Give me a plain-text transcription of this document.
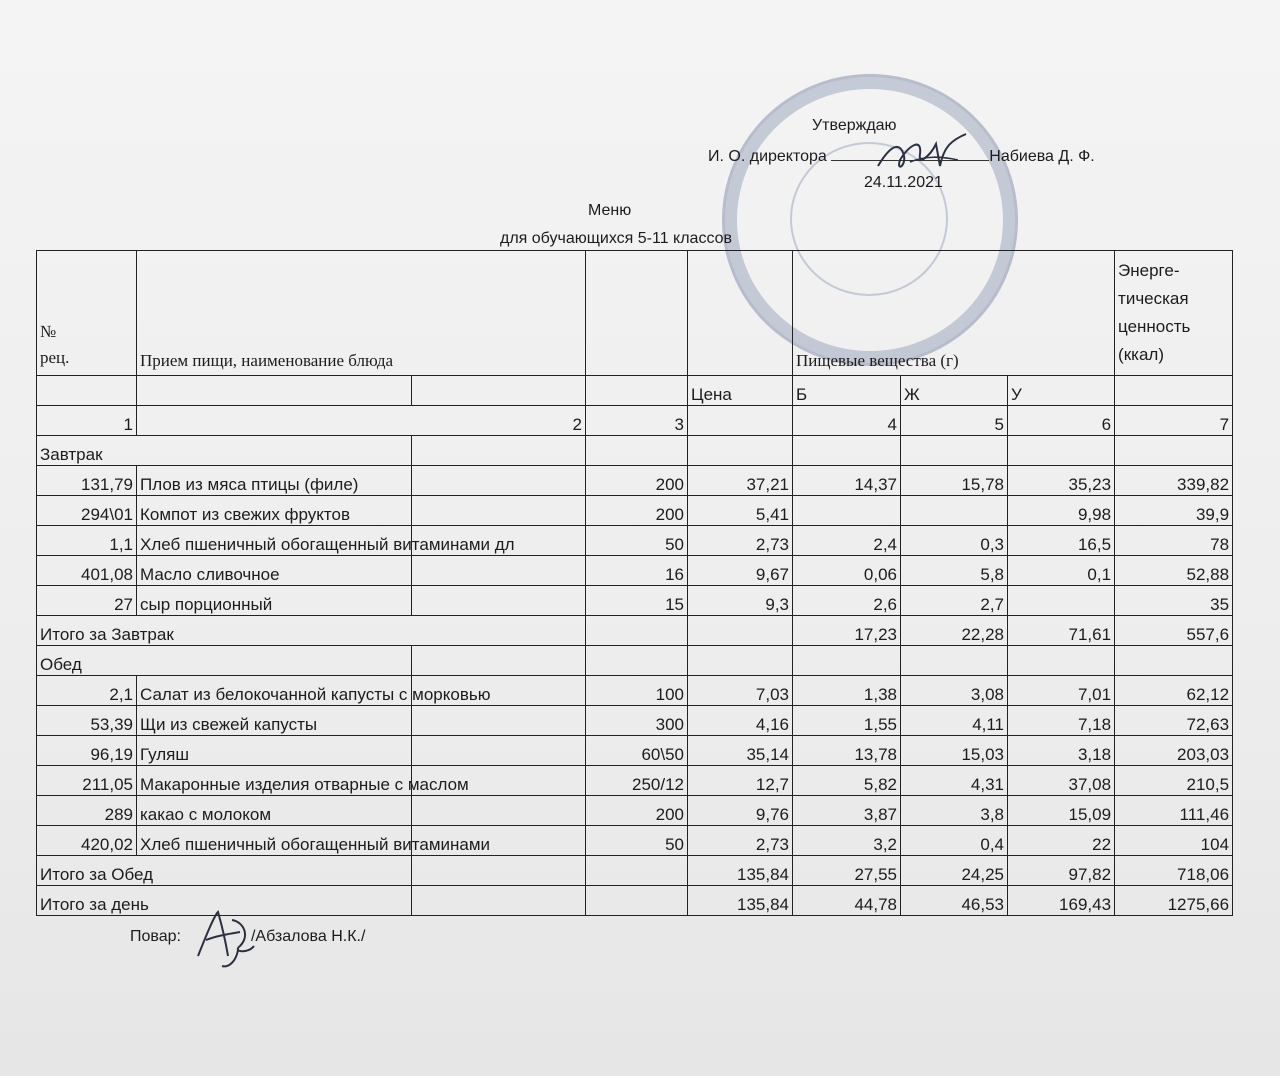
Утверждаю
И. О. директора	Набиева Д. Ф.
24.11.2021
Меню
для обучающихся 5-11 классов
№
рец.	Прием пищи, наименование блюда				Пищевые вещества (г)			Энерге-
тическая
ценность
(ккал)
				Цена	Б	Ж	У	
1	2		3		4	5	6	7
Завтрак								
131,79	Плов из мяса птицы (филе)		200	37,21	14,37	15,78	35,23	339,82
294\01	Компот из свежих фруктов		200	5,41			9,98	39,9
1,1	Хлеб пшеничный обогащенный витаминами дл		50	2,73	2,4	0,3	16,5	78
401,08	Масло сливочное		16	9,67	0,06	5,8	0,1	52,88
27	сыр порционный		15	9,3	2,6	2,7		35
Итого за Завтрак					17,23	22,28	71,61	557,6
Обед								
2,1	Салат из белокочанной капусты с морковью		100	7,03	1,38	3,08	7,01	62,12
53,39	Щи из свежей капусты		300	4,16	1,55	4,11	7,18	72,63
96,19	Гуляш		60\50	35,14	13,78	15,03	3,18	203,03
211,05	Макаронные изделия отварные с маслом		250/12	12,7	5,82	4,31	37,08	210,5
289	какао с молоком		200	9,76	3,87	3,8	15,09	111,46
420,02	Хлеб пшеничный обогащенный витаминами		50	2,73	3,2	0,4	22	104
Итого за Обед				135,84	27,55	24,25	97,82	718,06
Итого за день				135,84	44,78	46,53	169,43	1275,66
Повар:	/Абзалова Н.К./
